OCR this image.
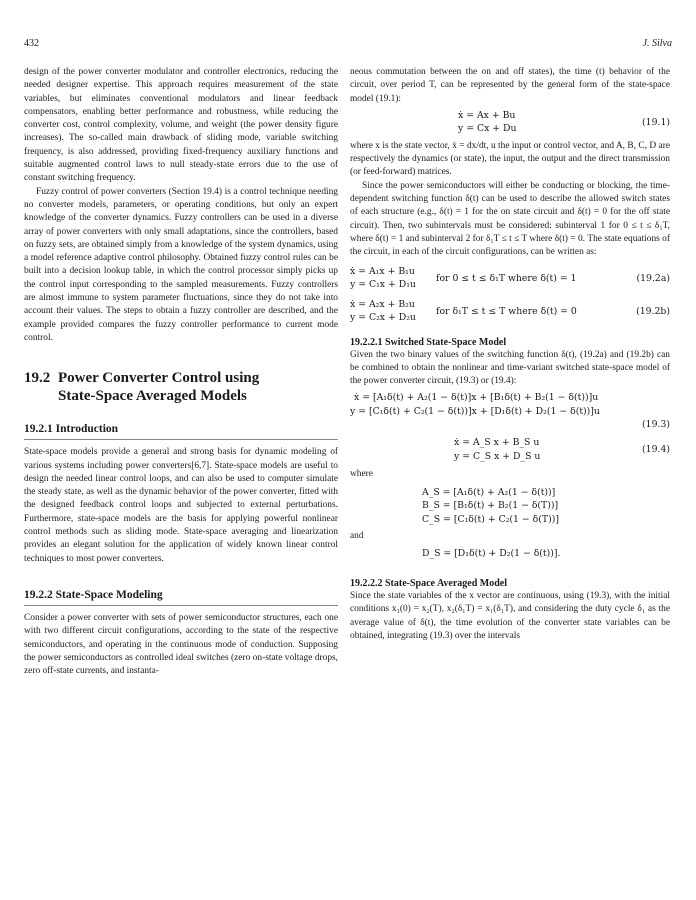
432	J. Silva

design of the power converter modulator and controller electronics, reducing the needed designer expertise. This approach requires measurement of the state variables, but eliminates conventional modulators and linear feedback compensators, enabling better performance and robustness, while reducing the converter cost, control complexity, volume, and weight (the power density figure increases). The so-called main drawback of sliding mode, variable switching frequency, is also addressed, providing fixed-frequency auxiliary functions and suitable augmented control laws to null steady-state errors due to the use of constant switching frequency.

Fuzzy control of power converters (Section 19.4) is a control technique needing no converter models, parameters, or operating conditions, but only an expert knowledge of the converter dynamics. Fuzzy controllers can be used in a diverse array of power converters with only small adaptations, since the controllers, based on fuzzy sets, are obtained simply from a knowledge of the system dynamics, using a model reference adaptive control philosophy. Obtained fuzzy control rules can be built into a decision lookup table, in which the control processor simply picks up the control input corresponding to the sampled measurements. Fuzzy controllers are almost immune to system parameter fluctuations, since they do not take into account their values. The steps to obtain a fuzzy controller are described, and the example provided compares the fuzzy controller performance to current mode control.

19.2 Power Converter Control using
State-Space Averaged Models
19.2.1 Introduction

State-space models provide a general and strong basis for dynamic modeling of various systems including power converters[6,7]. State-space models are useful to design the needed linear control loops, and can also be used to computer simulate the steady state, as well as the dynamic behavior of the power converter, fitted with the designed feedback control loops and subjected to external perturbations. Furthermore, state-space models are the basis for applying powerful nonlinear control methods such as sliding mode. State-space averaging and linearization provides an elegant solution for the application of widely known linear control techniques to most power converters.

19.2.2 State-Space Modeling

Consider a power converter with sets of power semiconductor structures, each one with two different circuit configurations, according to the state of the respective semiconductors, and operating in the continuous mode of conduction. Supposing the power semiconductors as controlled ideal switches (zero on-state voltage drops, zero off-state currents, and instanta-

neous commutation between the on and off states), the time (t) behavior of the circuit, over period T, can be represented by the general form of the state-space model (19.1):

ẋ = Ax + Bu
y = Cx + Du
(19.1)

where x is the state vector, ẋ = dx/dt, u the input or control vector, and A, B, C, D are respectively the dynamics (or state), the input, the output and the direct transmission (or feed-forward) matrices.

Since the power semiconductors will either be conducting or blocking, the time-dependent switching function δ(t) can be used to describe the allowed switch states of each structure (e.g., δ(t) = 1 for the on state circuit and δ(t) = 0 for the off state circuit). Then, two subintervals must be considered: subinterval 1 for 0 ≤ t ≤ δ₁T, where δ(t) = 1 and subinterval 2 for δ₁T ≤ t ≤ T where δ(t) = 0. The state equations of the circuit, in each of the circuit configurations, can be written as:

ẋ = A₁x + B₁u
y = C₁x + D₁u
for 0 ≤ t ≤ δ₁T where δ(t) = 1	(19.2a)
ẋ = A₂x + B₂u
y = C₂x + D₂u
for δ₁T ≤ t ≤ T where δ(t) = 0	(19.2b)
19.2.2.1 Switched State-Space Model

Given the two binary values of the switching function δ(t), (19.2a) and (19.2b) can be combined to obtain the nonlinear and time-variant switched state-space model of the power converter circuit, (19.3) or (19.4):

ẋ = [A₁δ(t) + A₂(1 − δ(t)]x + [B₁δ(t) + B₂(1 − δ(t))]u
y = [C₁δ(t) + C₂(1 − δ(t))]x + [D₁δ(t) + D₂(1 − δ(t))]u
(19.3)
ẋ = A_S x + B_S u
y = C_S x + D_S u
(19.4)

where

A_S = [A₁δ(t) + A₂(1 − δ(t))]
B_S = [B₁δ(t) + B₂(1 − δ(T))]
C_S = [C₁δ(t) + C₂(1 − δ(T))]

and

D_S = [D₁δ(t) + D₂(1 − δ(t))].
19.2.2.2 State-Space Averaged Model

Since the state variables of the x vector are continuous, using (19.3), with the initial conditions x₁(0) = x₂(T), x₂(δ₁T) = x₁(δ₁T), and considering the duty cycle δ₁ as the average value of δ(t), the time evolution of the converter state variables can be obtained, integrating (19.3) over the intervals
